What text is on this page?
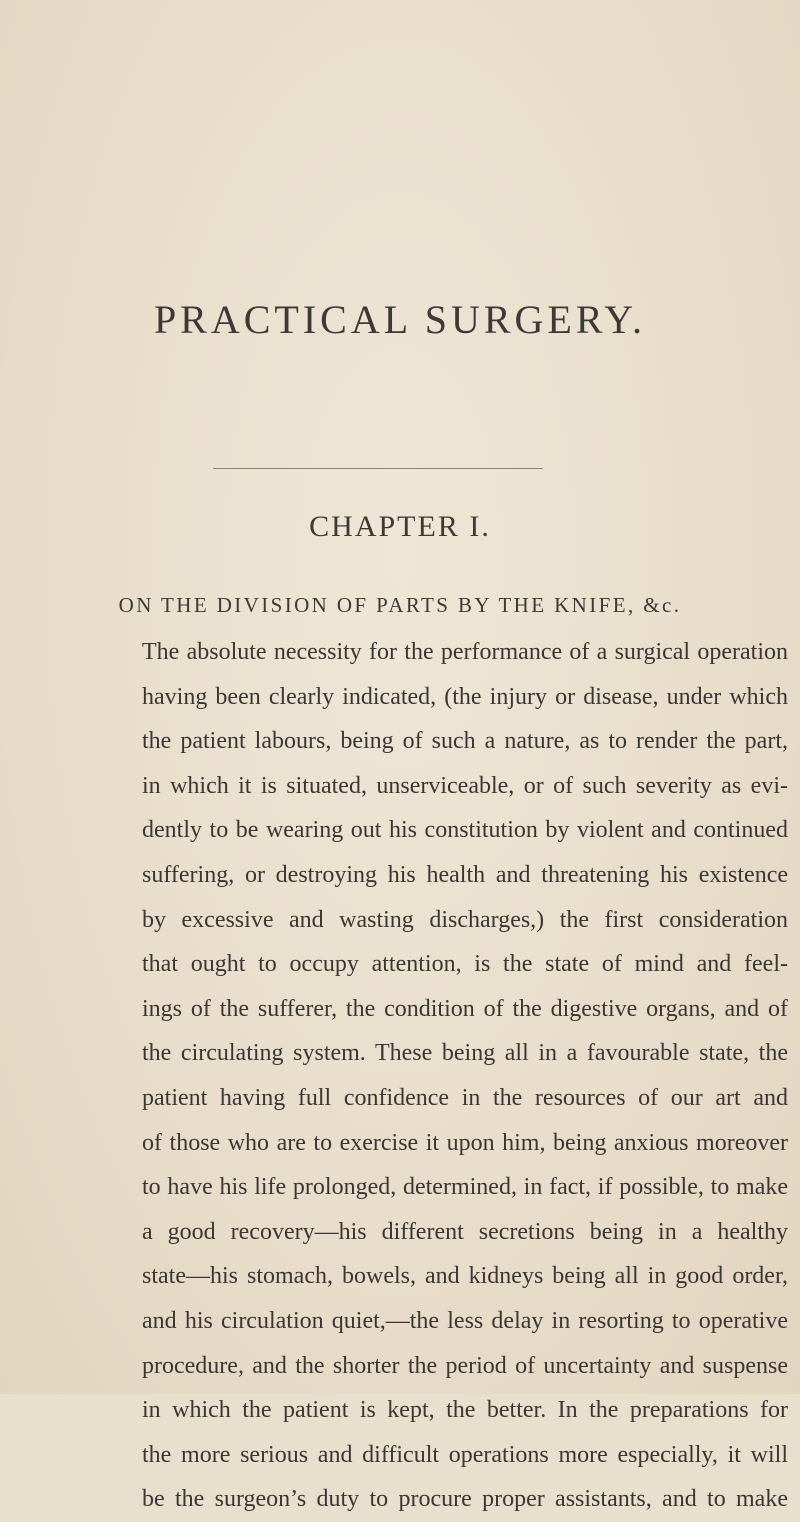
PRACTICAL SURGERY.
CHAPTER I.
ON THE DIVISION OF PARTS BY THE KNIFE, &c.
The absolute necessity for the performance of a surgical operation
having been clearly indicated, (the injury or disease, under which
the patient labours, being of such a nature, as to render the part,
in which it is situated, unserviceable, or of such severity as evi-
dently to be wearing out his constitution by violent and continued
suffering, or destroying his health and threatening his existence
by excessive and wasting discharges,) the first consideration
that ought to occupy attention, is the state of mind and feel-
ings of the sufferer, the condition of the digestive organs, and of
the circulating system. These being all in a favourable state, the
patient having full confidence in the resources of our art and
of those who are to exercise it upon him, being anxious moreover
to have his life prolonged, determined, in fact, if possible, to make
a good recovery—his different secretions being in a healthy
state—his stomach, bowels, and kidneys being all in good order,
and his circulation quiet,—the less delay in resorting to operative
procedure, and the shorter the period of uncertainty and suspense
in which the patient is kept, the better. In the preparations for
the more serious and difficult operations more especially, it will
be the surgeon’s duty to procure proper assistants, and to make
